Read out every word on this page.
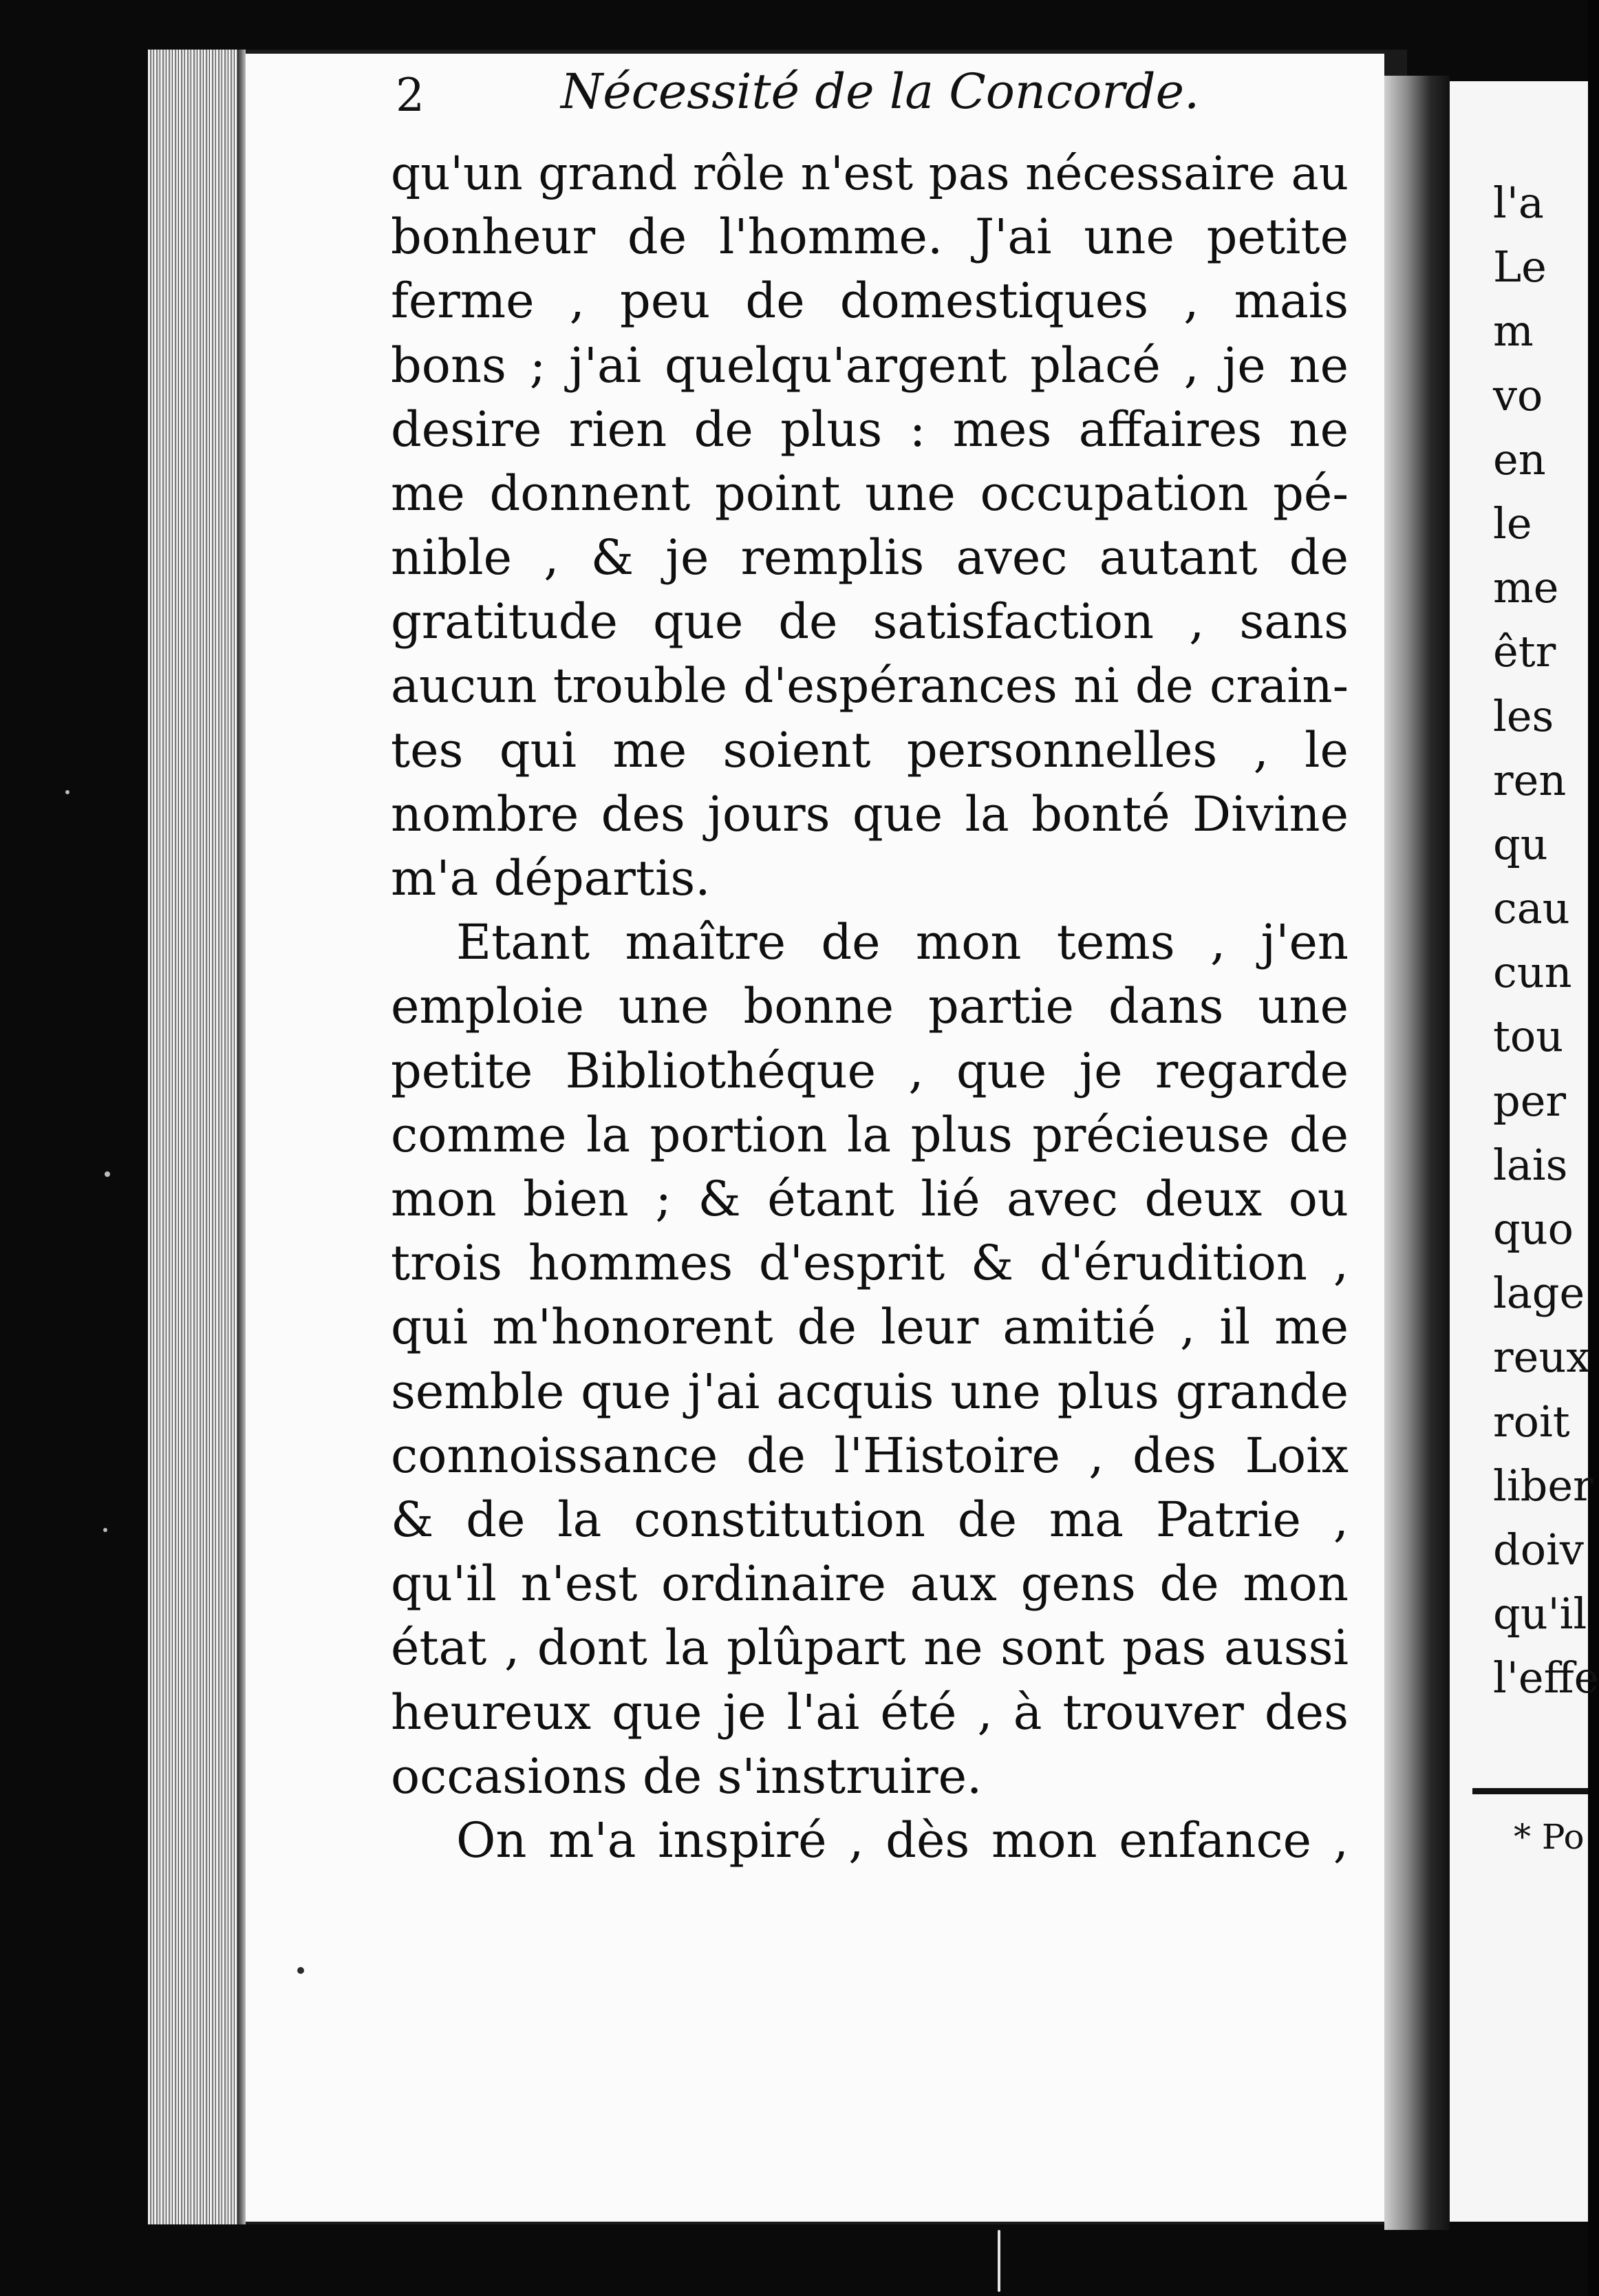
2	Nécessité de la Concorde.
qu'un grand rôle n'est pas nécessaire au
bonheur de l'homme. J'ai une petite
ferme , peu de domestiques , mais
bons ; j'ai quelqu'argent placé , je ne
desire rien de plus : mes affaires ne
me donnent point une occupation pé-
nible , & je remplis avec autant de
gratitude que de satisfaction , sans
aucun trouble d'espérances ni de crain-
tes qui me soient personnelles , le
nombre des jours que la bonté Divine
m'a départis.
Etant maître de mon tems , j'en
emploie une bonne partie dans une
petite Bibliothéque , que je regarde
comme la portion la plus précieuse de
mon bien ; & étant lié avec deux ou
trois hommes d'esprit & d'érudition ,
qui m'honorent de leur amitié , il me
semble que j'ai acquis une plus grande
connoissance de l'Histoire , des Loix
& de la constitution de ma Patrie ,
qu'il n'est ordinaire aux gens de mon
état , dont la plûpart ne sont pas aussi
heureux que je l'ai été , à trouver des
occasions de s'instruire.
On m'a inspiré , dès mon enfance ,
l'a
Le
m
vo
en
le
me
êtr
les
ren
qu
cau
cun
tou
per
lais
quo
lage
reux
roit
liber
doiv
qu'il
l'effe
* Po
